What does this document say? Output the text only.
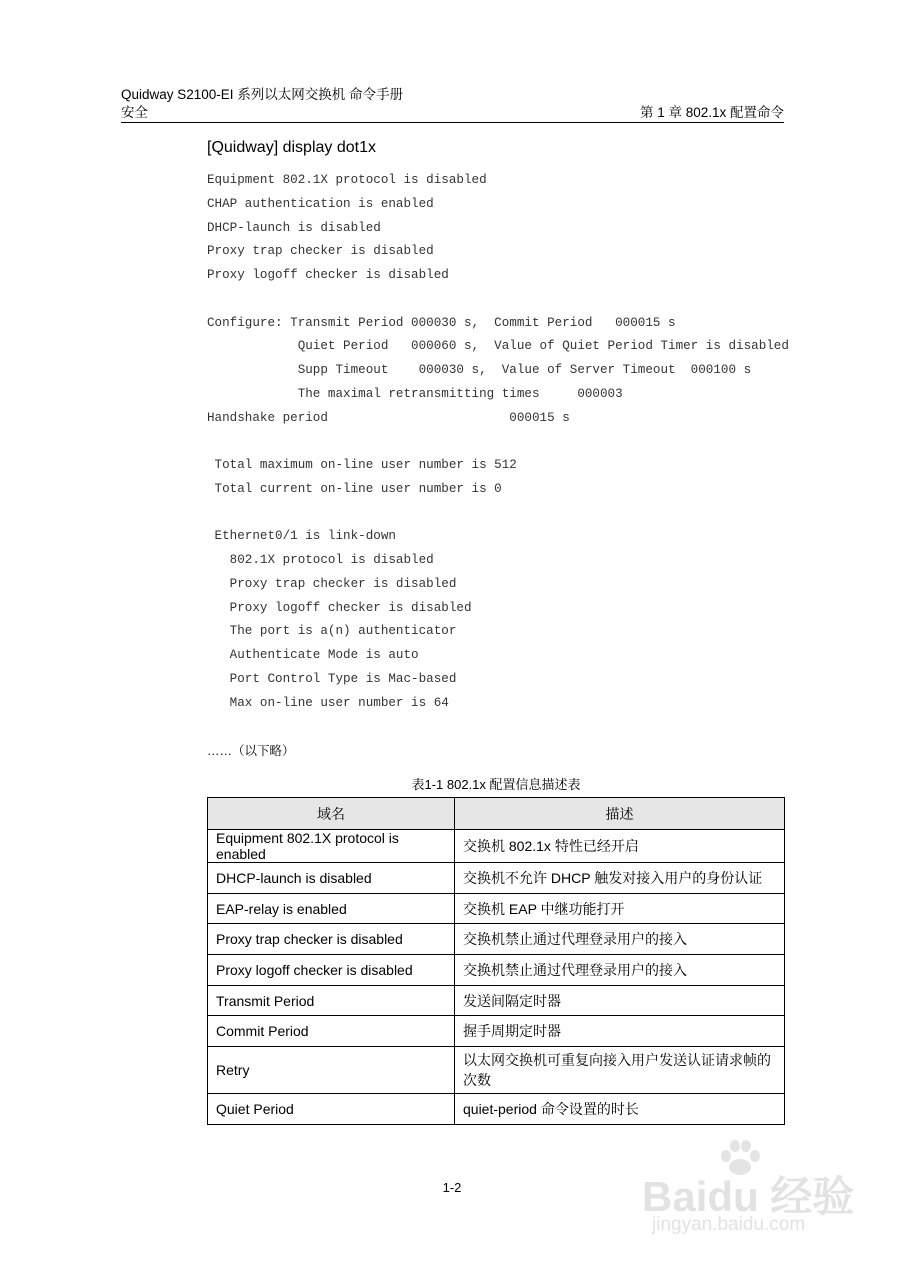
Quidway S2100-EI 系列以太网交换机 命令手册
安全	第 1 章 802.1x 配置命令
[Quidway] display dot1x
Equipment 802.1X protocol is disabled
CHAP authentication is enabled
DHCP-launch is disabled
Proxy trap checker is disabled
Proxy logoff checker is disabled
Configure: Transmit Period 000030 s,  Commit Period   000015 s
Quiet Period   000060 s,  Value of Quiet Period Timer is disabled
Supp Timeout    000030 s,  Value of Server Timeout  000100 s
The maximal retransmitting times     000003
Handshake period                        000015 s
Total maximum on-line user number is 512
Total current on-line user number is 0
Ethernet0/1 is link-down
802.1X protocol is disabled
Proxy trap checker is disabled
Proxy logoff checker is disabled
The port is a(n) authenticator
Authenticate Mode is auto
Port Control Type is Mac-based
Max on-line user number is 64
……（以下略）
表1-1 802.1x 配置信息描述表
域名	描述
Equipment 802.1X protocol is enabled	交换机 802.1x 特性已经开启
DHCP-launch is disabled	交换机不允许 DHCP 触发对接入用户的身份认证
EAP-relay is enabled	交换机 EAP 中继功能打开
Proxy trap checker is disabled	交换机禁止通过代理登录用户的接入
Proxy logoff checker is disabled	交换机禁止通过代理登录用户的接入
Transmit Period	发送间隔定时器
Commit Period	握手周期定时器
Retry	以太网交换机可重复向接入用户发送认证请求帧的次数
Quiet Period	quiet-period 命令设置的时长
1-2	Baidu 经验
jingyan.baidu.com
